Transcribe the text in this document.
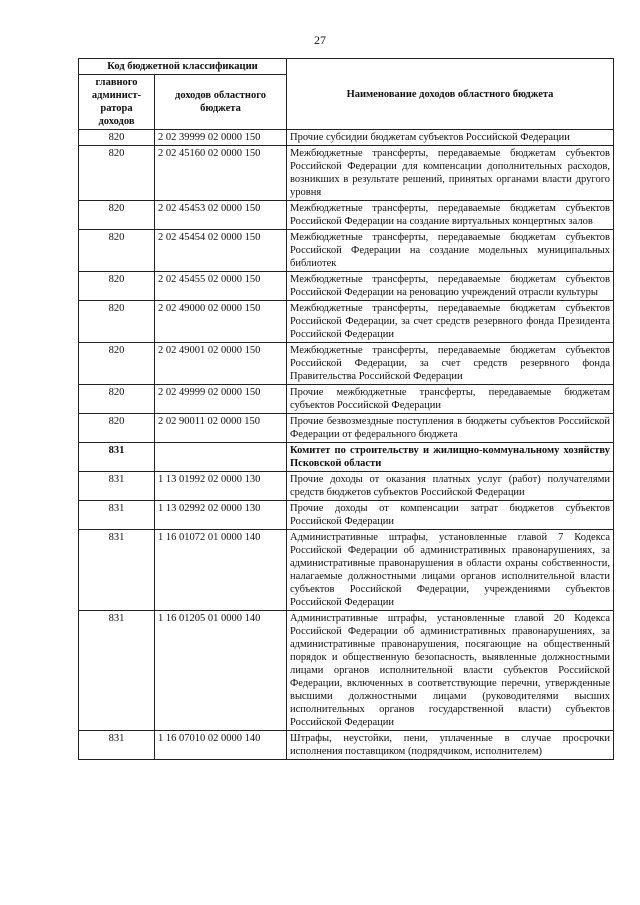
27
Код бюджетной классификации		Наименование доходов областного бюджета
главного админист-ратора доходов	доходов областного бюджета	
820	2 02 39999 02 0000 150	Прочие субсидии бюджетам субъектов Российской Федерации
820	2 02 45160 02 0000 150	Межбюджетные трансферты, передаваемые бюджетам субъектов Российской Федерации для компенсации дополнительных расходов, возникших в результате решений, принятых органами власти другого уровня
820	2 02 45453 02 0000 150	Межбюджетные трансферты, передаваемые бюджетам субъектов Российской Федерации на создание виртуальных концертных залов
820	2 02 45454 02 0000 150	Межбюджетные трансферты, передаваемые бюджетам субъектов Российской Федерации на создание модельных муниципальных библиотек
820	2 02 45455 02 0000 150	Межбюджетные трансферты, передаваемые бюджетам субъектов Российской Федерации на реновацию учреждений отрасли культуры
820	2 02 49000 02 0000 150	Межбюджетные трансферты, передаваемые бюджетам субъектов Российской Федерации, за счет средств резервного фонда Президента Российской Федерации
820	2 02 49001 02 0000 150	Межбюджетные трансферты, передаваемые бюджетам субъектов Российской Федерации, за счет средств резервного фонда Правительства Российской Федерации
820	2 02 49999 02 0000 150	Прочие межбюджетные трансферты, передаваемые бюджетам субъектов Российской Федерации
820	2 02 90011 02 0000 150	Прочие безвозмездные поступления в бюджеты субъектов Российской Федерации от федерального бюджета
831		Комитет по строительству и жилищно-коммунальному хозяйству Псковской области
831	1 13 01992 02 0000 130	Прочие доходы от оказания платных услуг (работ) получателями средств бюджетов субъектов Российской Федерации
831	1 13 02992 02 0000 130	Прочие доходы от компенсации затрат бюджетов субъектов Российской Федерации
831	1 16 01072 01 0000 140	Административные штрафы, установленные главой 7 Кодекса Российской Федерации об административных правонарушениях, за административные правонарушения в области охраны собственности, налагаемые должностными лицами органов исполнительной власти субъектов Российской Федерации, учреждениями субъектов Российской Федерации
831	1 16 01205 01 0000 140	Административные штрафы, установленные главой 20 Кодекса Российской Федерации об административных правонарушениях, за административные правонарушения, посягающие на общественный порядок и общественную безопасность, выявленные должностными лицами органов исполнительной власти субъектов Российской Федерации, включенных в соответствующие перечни, утвержденные высшими должностными лицами (руководителями высших исполнительных органов государственной власти) субъектов Российской Федерации
831	1 16 07010 02 0000 140	Штрафы, неустойки, пени, уплаченные в случае просрочки исполнения поставщиком (подрядчиком, исполнителем)
